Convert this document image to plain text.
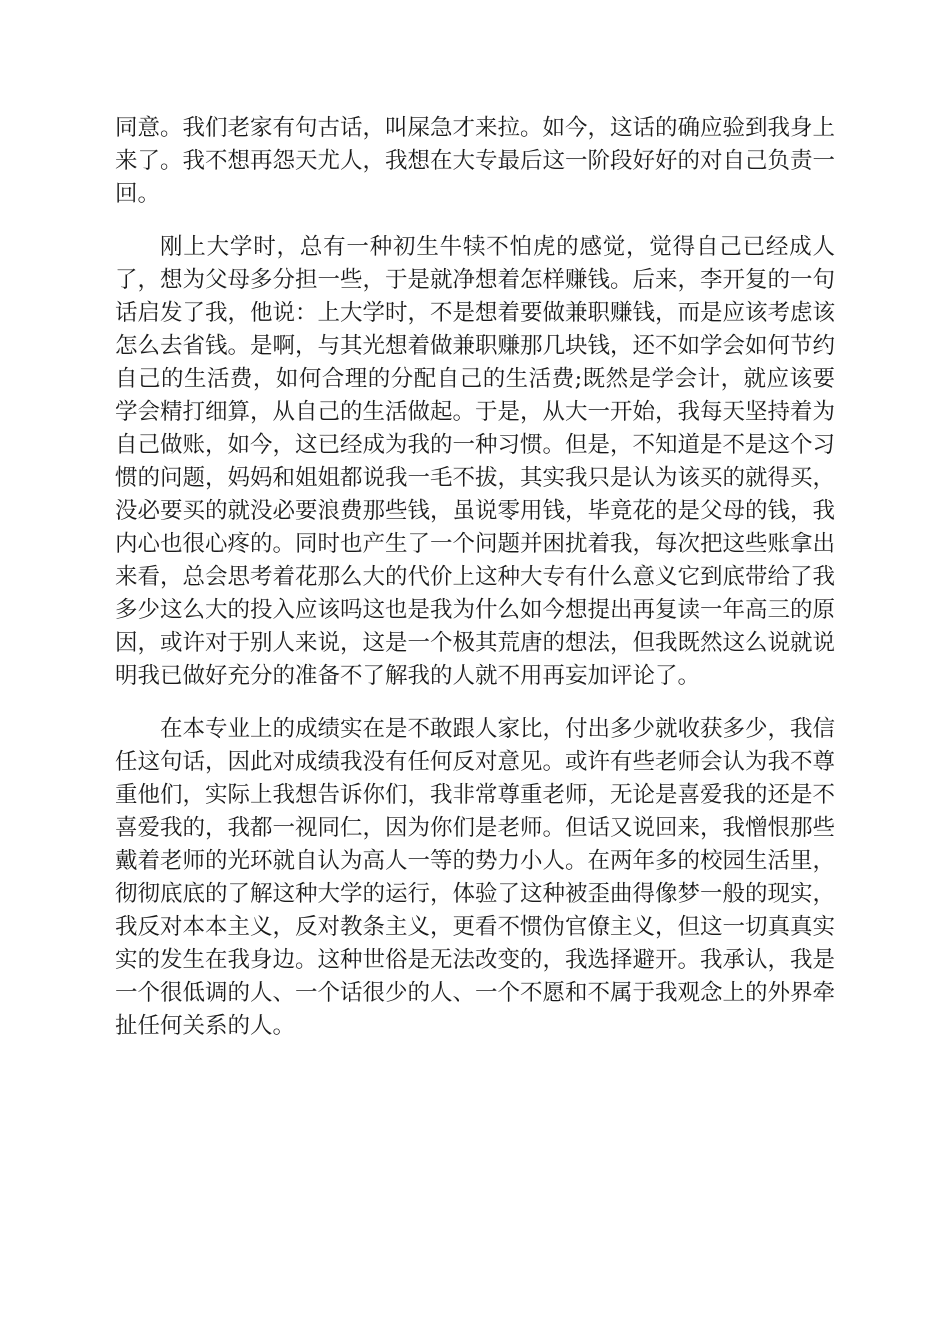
同意。我们老家有句古话，叫屎急才来拉。如今，这话的确应验到我身上来了。我不想再怨天尤人，我想在大专最后这一阶段好好的对自己负责一回。

刚上大学时，总有一种初生牛犊不怕虎的感觉，觉得自己已经成人了，想为父母多分担一些，于是就净想着怎样赚钱。后来，李开复的一句话启发了我，他说：上大学时，不是想着要做兼职赚钱，而是应该考虑该怎么去省钱。是啊，与其光想着做兼职赚那几块钱，还不如学会如何节约自己的生活费，如何合理的分配自己的生活费;既然是学会计，就应该要学会精打细算，从自己的生活做起。于是，从大一开始，我每天坚持着为自己做账，如今，这已经成为我的一种习惯。但是，不知道是不是这个习惯的问题，妈妈和姐姐都说我一毛不拔，其实我只是认为该买的就得买，没必要买的就没必要浪费那些钱，虽说零用钱，毕竟花的是父母的钱，我内心也很心疼的。同时也产生了一个问题并困扰着我，每次把这些账拿出来看，总会思考着花那么大的代价上这种大专有什么意义它到底带给了我多少这么大的投入应该吗这也是我为什么如今想提出再复读一年高三的原因，或许对于别人来说，这是一个极其荒唐的想法，但我既然这么说就说明我已做好充分的准备不了解我的人就不用再妄加评论了。

在本专业上的成绩实在是不敢跟人家比，付出多少就收获多少，我信任这句话，因此对成绩我没有任何反对意见。或许有些老师会认为我不尊重他们，实际上我想告诉你们，我非常尊重老师，无论是喜爱我的还是不喜爱我的，我都一视同仁，因为你们是老师。但话又说回来，我憎恨那些戴着老师的光环就自认为高人一等的势力小人。在两年多的校园生活里，彻彻底底的了解这种大学的运行，体验了这种被歪曲得像梦一般的现实，我反对本本主义，反对教条主义，更看不惯伪官僚主义，但这一切真真实实的发生在我身边。这种世俗是无法改变的，我选择避开。我承认，我是一个很低调的人、一个话很少的人、一个不愿和不属于我观念上的外界牵扯任何关系的人。
